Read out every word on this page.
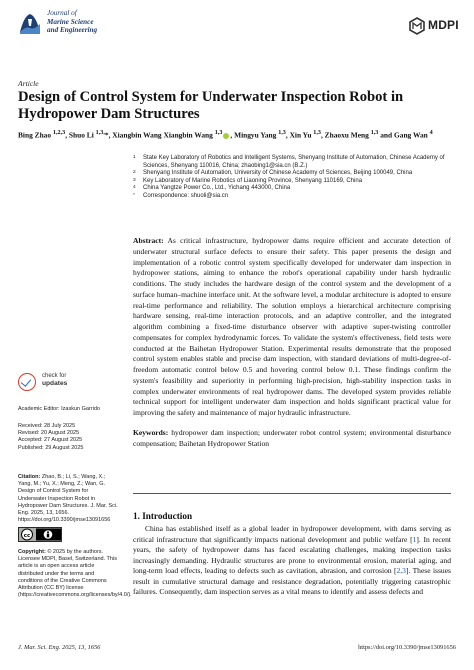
Journal of
Marine Science
and Engineering	MDPI
Article
Design of Control System for Underwater Inspection Robot in Hydropower Dam Structures
Bing Zhao $^{1,2,3}$, Shuo Li $^{1,3,}$*, Xiangbin Wang Xiangbin Wang $^{1,3}$ , Mingyu Yang $^{1,3}$, Xin Yu $^{1,3}$, Zhaoxu Meng $^{1,3}$ and Gang Wan $^4$
1 State Key Laboratory of Robotics and Intelligent Systems, Shenyang Institute of Automation, Chinese Academy of Sciences, Shenyang 110016, China; zhaobing1@sia.cn (B.Z.)
2 Shenyang Institute of Automation, University of Chinese Academy of Sciences, Beijing 100049, China
3 Key Laboratory of Marine Robotics of Liaoning Province, Shenyang 110169, China
4 China Yangtze Power Co., Ltd., Yichang 443000, China
* Correspondence: shuoli@sia.cn

Abstract: As critical infrastructure, hydropower dams require efficient and accurate detection of underwater structural surface defects to ensure their safety. This paper presents the design and implementation of a robotic control system specifically developed for underwater dam inspection in hydropower stations, aiming to enhance the robot's operational capability under harsh hydraulic conditions. The study includes the hardware design of the control system and the development of a surface human–machine interface unit. At the software level, a modular architecture is adopted to ensure real-time performance and reliability. The solution employs a hierarchical architecture comprising hardware sensing, real-time interaction protocols, and an adaptive controller, and the integrated algorithm combining a fixed-time disturbance observer with adaptive super-twisting controller compensates for complex hydrodynamic forces. To validate the system's effectiveness, field tests were conducted at the Baihetan Hydropower Station. Experimental results demonstrate that the proposed control system enables stable and precise dam inspection, with standard deviations of multi-degree-of-freedom automatic control below 0.5 and hovering control below 0.1. These findings confirm the system's feasibility and superiority in performing high-precision, high-stability inspection tasks in complex underwater environments of real hydropower dams. The developed system provides reliable technical support for intelligent underwater dam inspection and holds significant practical value for improving the safety and maintenance of major hydraulic infrastructure.

Keywords: hydropower dam inspection; underwater robot control system; environmental disturbance compensation; Baihetan Hydropower Station
1. Introduction

China has established itself as a global leader in hydropower development, with dams serving as critical infrastructure that significantly impacts national development and public welfare [1]. In recent years, the safety of hydropower dams has faced escalating challenges, making inspection tasks increasingly demanding. Hydraulic structures are prone to environmental erosion, material aging, and long-term load effects, leading to defects such as cavitation, abrasion, and corrosion [2,3]. These issues result in cumulative structural damage and resistance degradation, potentially triggering catastrophic failures. Consequently, dam inspection serves as a vital means to identify and assess defects and

check for
updates
Academic Editor: Izaskun Garrido
Received: 28 July 2025
Revised: 20 August 2025
Accepted: 27 August 2025
Published: 29 August 2025
Citation: Zhao, B.; Li, S.; Wang, X.; Yang, M.; Yu, X.; Meng, Z.; Wan, G. Design of Control System for Underwater Inspection Robot in Hydropower Dam Structures. J. Mar. Sci. Eng. 2025, 13, 1656. https://doi.org/10.3390/jmse13091656
cc
Copyright: © 2025 by the authors. Licensee MDPI, Basel, Switzerland. This article is an open access article distributed under the terms and conditions of the Creative Commons Attribution (CC BY) license (https://creativecommons.org/licenses/by/4.0/).
J. Mar. Sci. Eng. 2025, 13, 1656	https://doi.org/10.3390/jmse13091656
